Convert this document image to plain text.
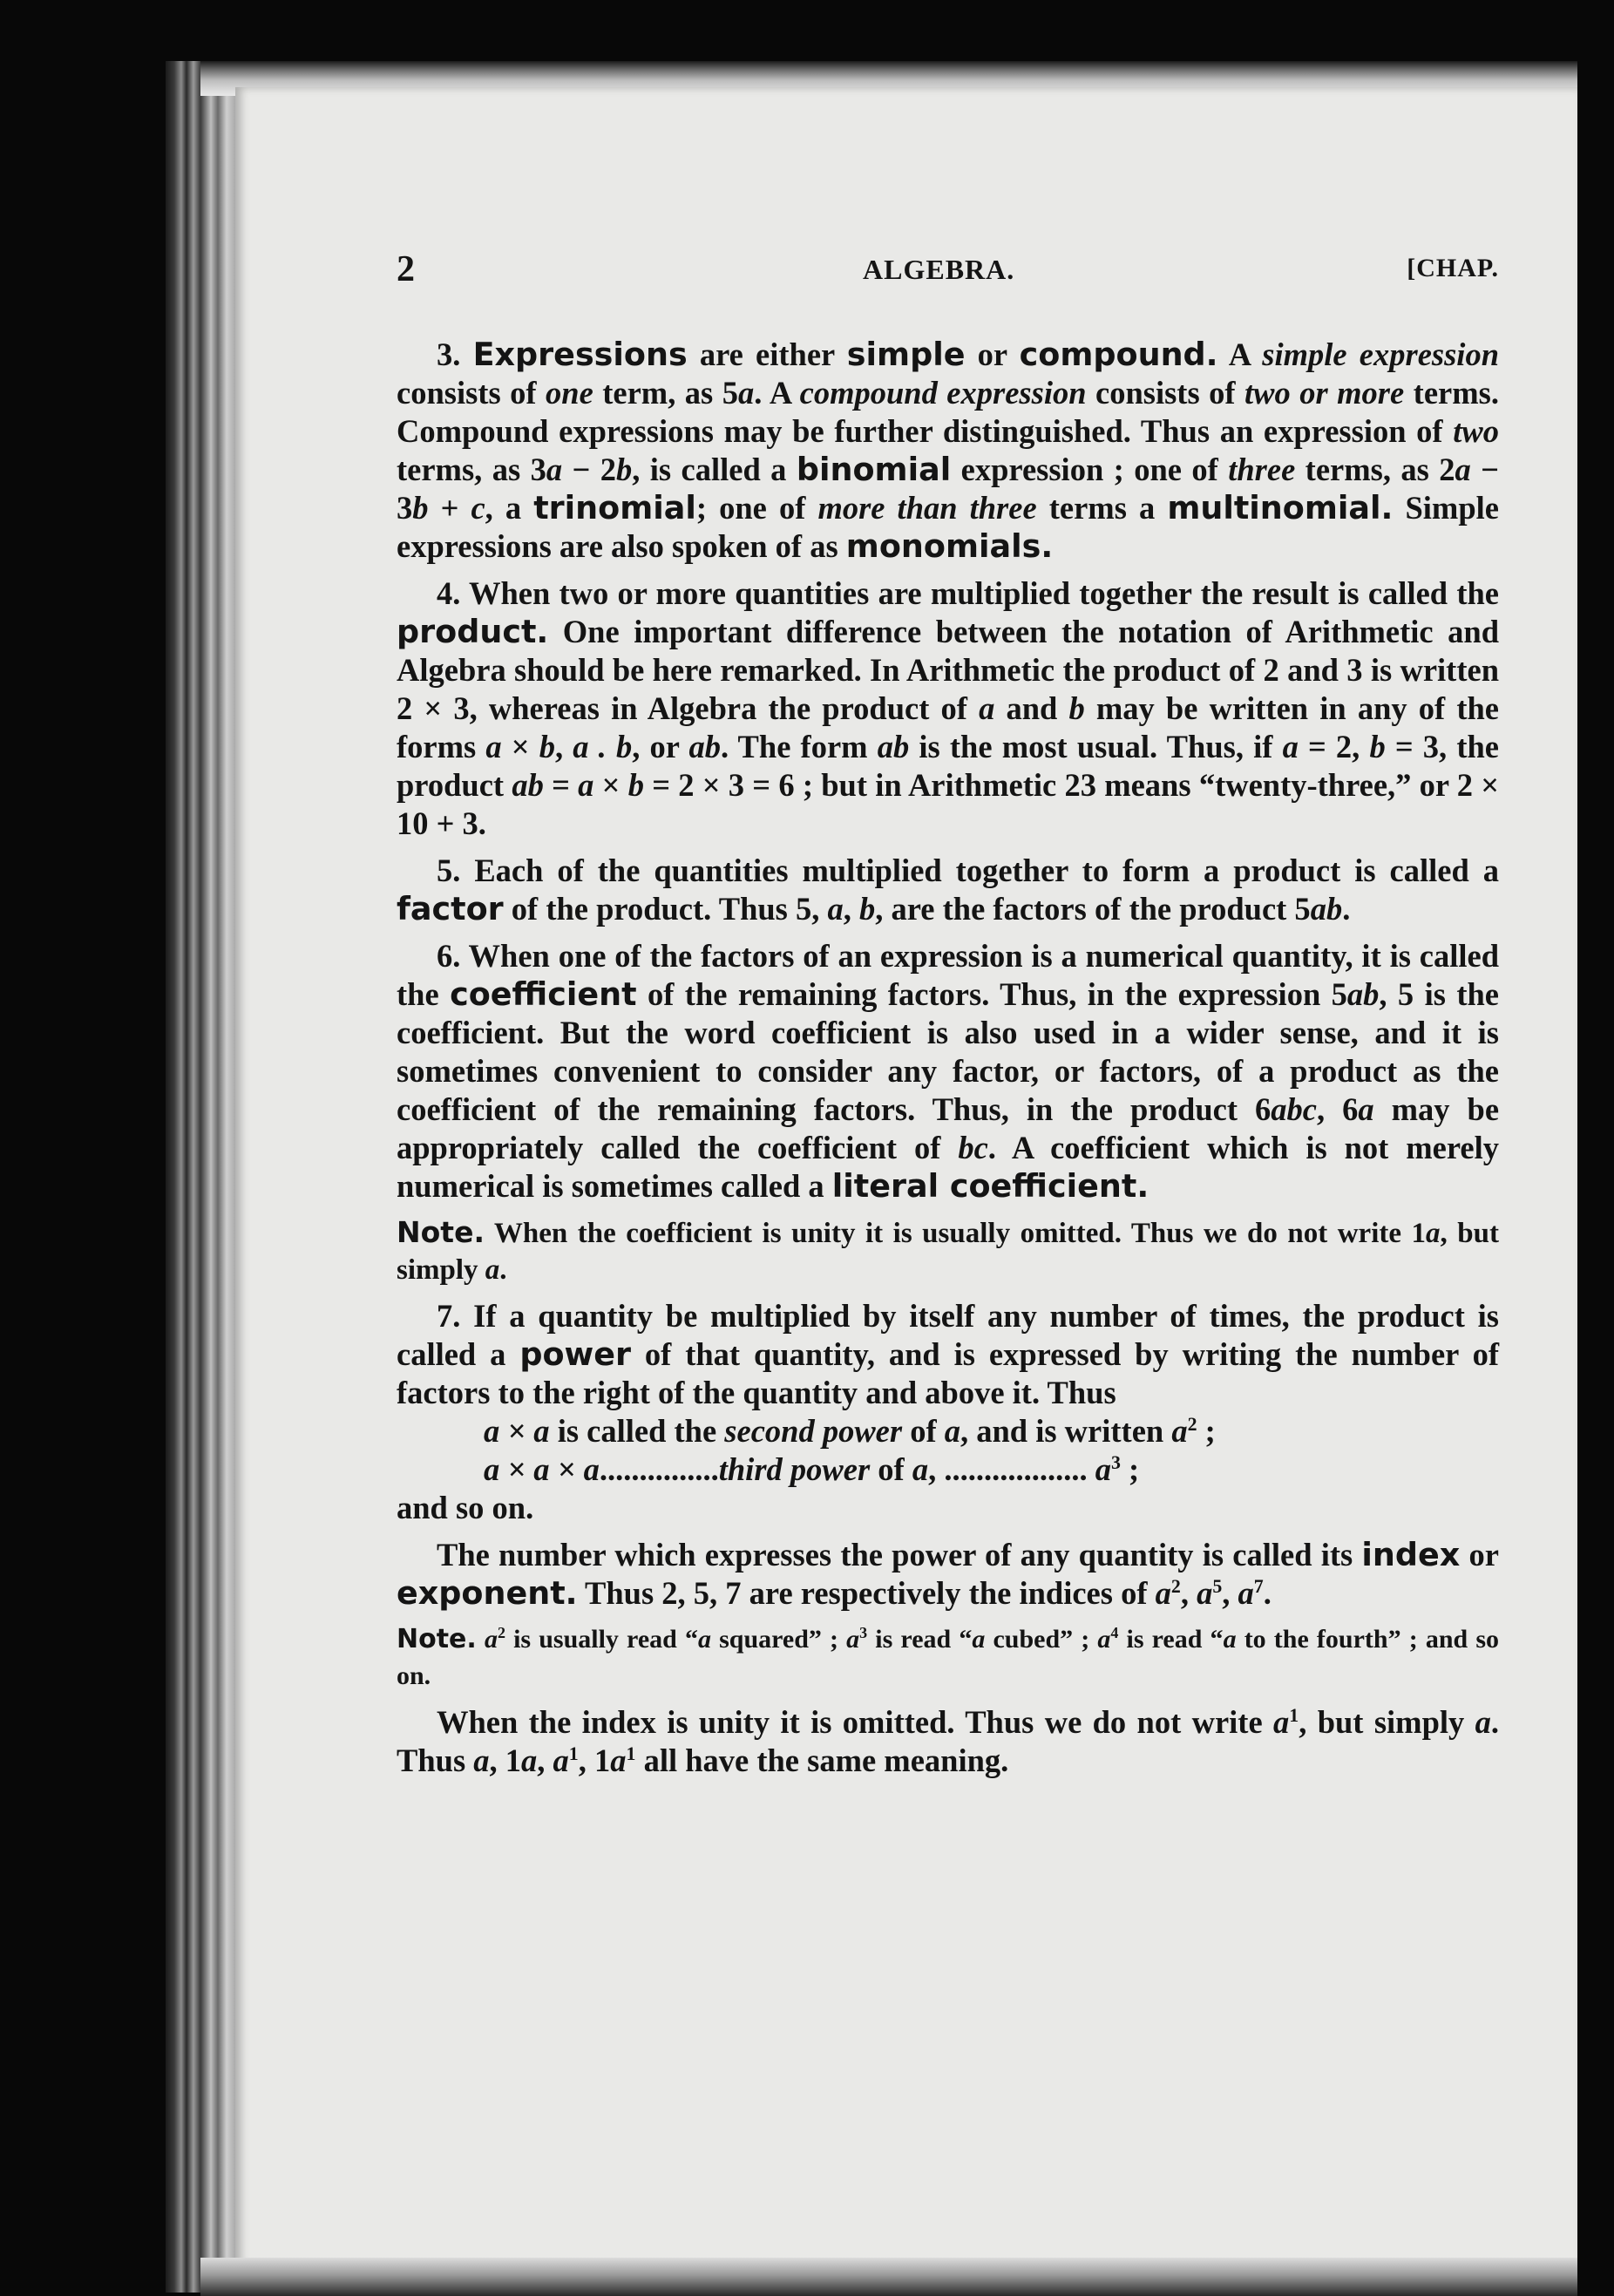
2	ALGEBRA.	[CHAP.

3. Expressions are either simple or compound. A simple expression consists of one term, as 5a. A compound expression consists of two or more terms. Compound expressions may be further distinguished. Thus an expression of two terms, as 3a − 2b, is called a binomial expression ; one of three terms, as 2a − 3b + c, a trinomial; one of more than three terms a multinomial. Simple expressions are also spoken of as monomials.

4. When two or more quantities are multiplied together the result is called the product. One important difference between the notation of Arithmetic and Algebra should be here remarked. In Arithmetic the product of 2 and 3 is written 2 × 3, whereas in Algebra the product of a and b may be written in any of the forms a × b, a . b, or ab. The form ab is the most usual. Thus, if a = 2, b = 3, the product ab = a × b = 2 × 3 = 6 ; but in Arithmetic 23 means “twenty-three,” or 2 × 10 + 3.

5. Each of the quantities multiplied together to form a product is called a factor of the product. Thus 5, a, b, are the factors of the product 5ab.

6. When one of the factors of an expression is a numerical quantity, it is called the coefficient of the remaining factors. Thus, in the expression 5ab, 5 is the coefficient. But the word coefficient is also used in a wider sense, and it is sometimes convenient to consider any factor, or factors, of a product as the coefficient of the remaining factors. Thus, in the product 6abc, 6a may be appropriately called the coefficient of bc. A coefficient which is not merely numerical is sometimes called a literal coefficient.

Note. When the coefficient is unity it is usually omitted. Thus we do not write 1a, but simply a.

7. If a quantity be multiplied by itself any number of times, the product is called a power of that quantity, and is expressed by writing the number of factors to the right of the quantity and above it. Thus

a × a is called the second power of a, and is written $a^2$ ;

a × a × a...............third power of a, .................. $a^3$ ;

and so on.

The number which expresses the power of any quantity is called its index or exponent. Thus 2, 5, 7 are respectively the indices of $a^2$, $a^5$, $a^7$.

Note. $a^2$ is usually read “a squared” ; $a^3$ is read “a cubed” ; $a^4$ is read “a to the fourth” ; and so on.

When the index is unity it is omitted. Thus we do not write $a^1$, but simply a. Thus a, 1a, $a^1$, $1a^1$ all have the same meaning.
